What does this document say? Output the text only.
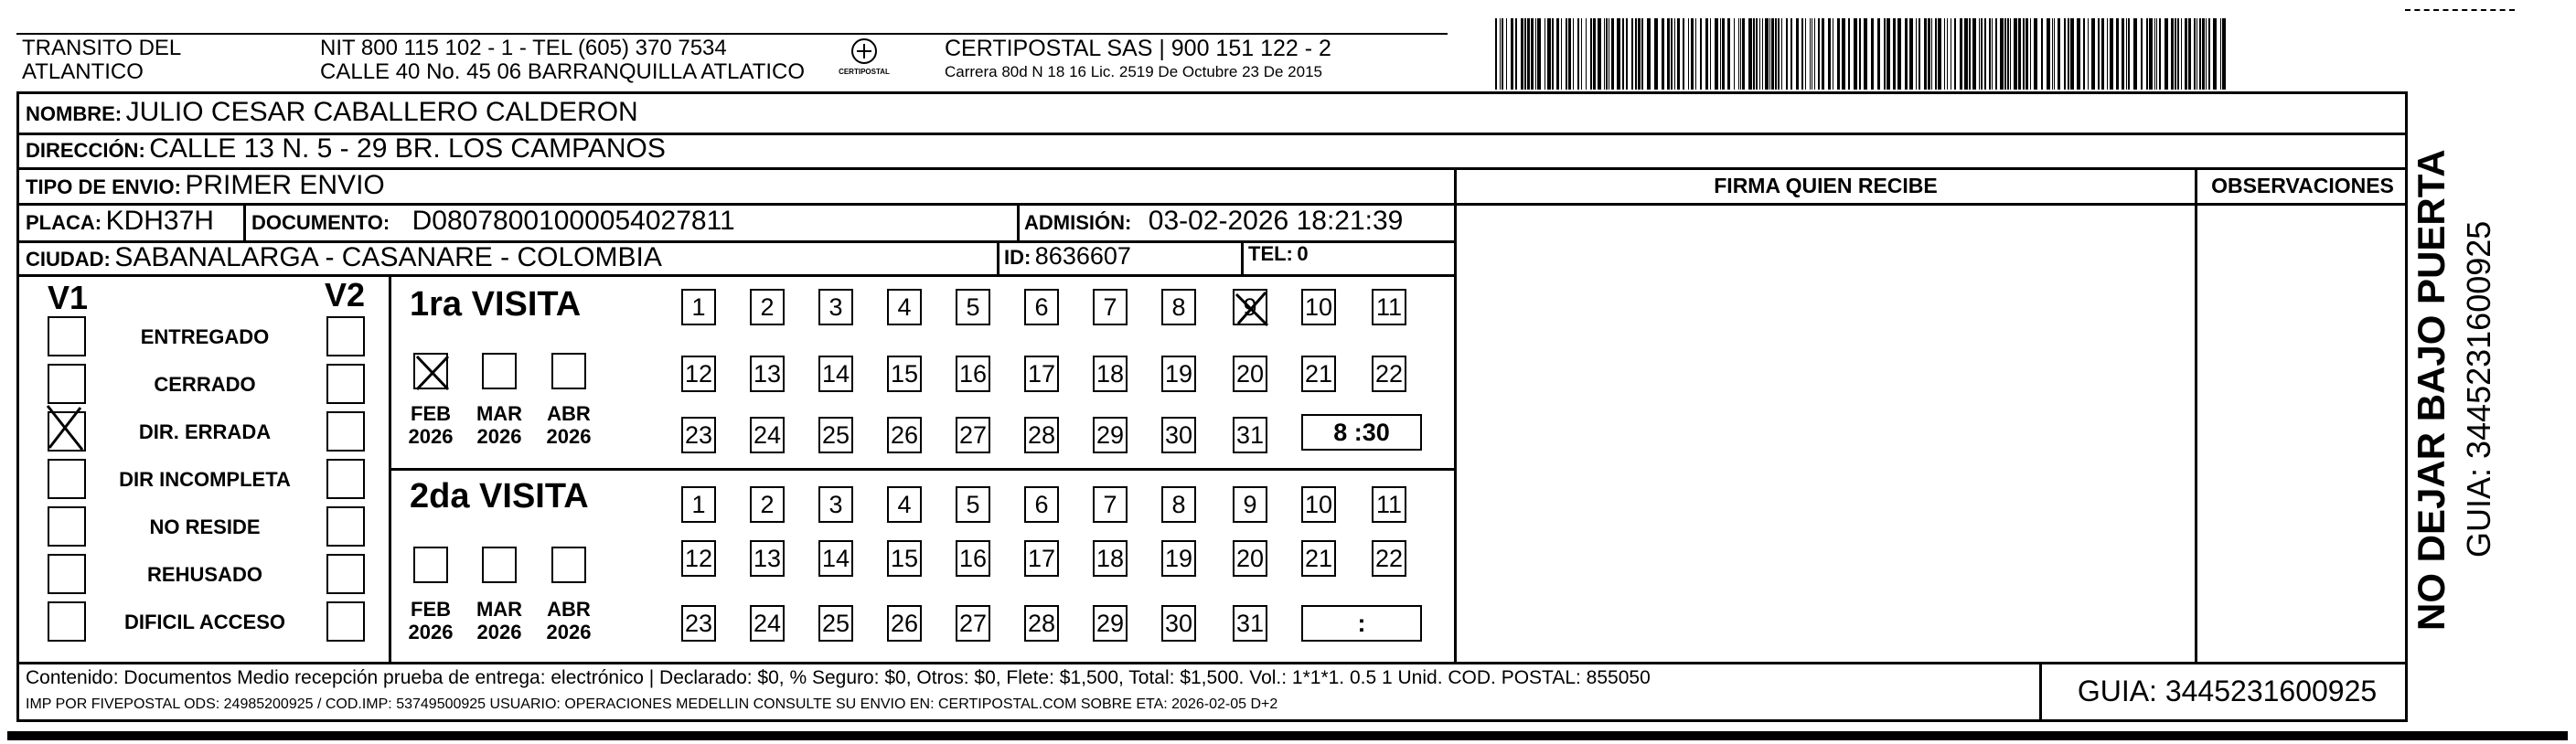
TRANSITO DEL
ATLANTICO
NIT 800 115 102 - 1 - TEL (605) 370 7534
CALLE 40 No. 45 06 BARRANQUILLA ATLATICO	CERTIPOSTAL
CERTIPOSTAL SAS | 900 151 122 - 2
Carrera 80d N 18 16 Lic. 2519 De Octubre 23 De 2015
NOMBRE: JULIO CESAR CABALLERO CALDERON
DIRECCIÓN: CALLE 13 N. 5 - 29 BR. LOS CAMPANOS
TIPO DE ENVIO: PRIMER ENVIO
PLACA: KDH37H DOCUMENTO: D08078001000054027811	ADMISIÓN: 03-02-2026 18:21:39
CIUDAD: SABANALARGA - CASANARE - COLOMBIA	ID: 8636607	TEL: 0
FIRMA QUIEN RECIBE	OBSERVACIONES
V1	V2
ENTREGADO
CERRADO
DIR. ERRADA
DIR INCOMPLETA
NO RESIDE
REHUSADO
DIFICIL ACCESO
1ra VISITA
2da VISITA
1	2	3	4	5	6	7	8	9	10 11
12 13 14 15 16 17 18 19 20 21 22
23 24 25 26 27 28 29 30 31	8 :30
FEB
2026
MAR
2026
ABR
2026
1	2	3	4	5	6	7	8	9	10 11
12 13 14 15 16 17 18 19 20 21 22
23 24 25 26 27 28 29 30 31	:
FEB
2026
MAR
2026
ABR
2026
Contenido: Documentos Medio recepción prueba de entrega: electrónico | Declarado: $0, % Seguro: $0, Otros: $0, Flete: $1,500, Total: $1,500. Vol.: 1*1*1. 0.5 1 Unid. COD. POSTAL: 855050
IMP POR FIVEPOSTAL ODS: 24985200925 / COD.IMP: 53749500925 USUARIO: OPERACIONES MEDELLIN CONSULTE SU ENVIO EN: CERTIPOSTAL.COM SOBRE ETA: 2026-02-05 D+2	GUIA: 3445231600925
NO DEJAR BAJO PUERTA GUIA: 3445231600925
